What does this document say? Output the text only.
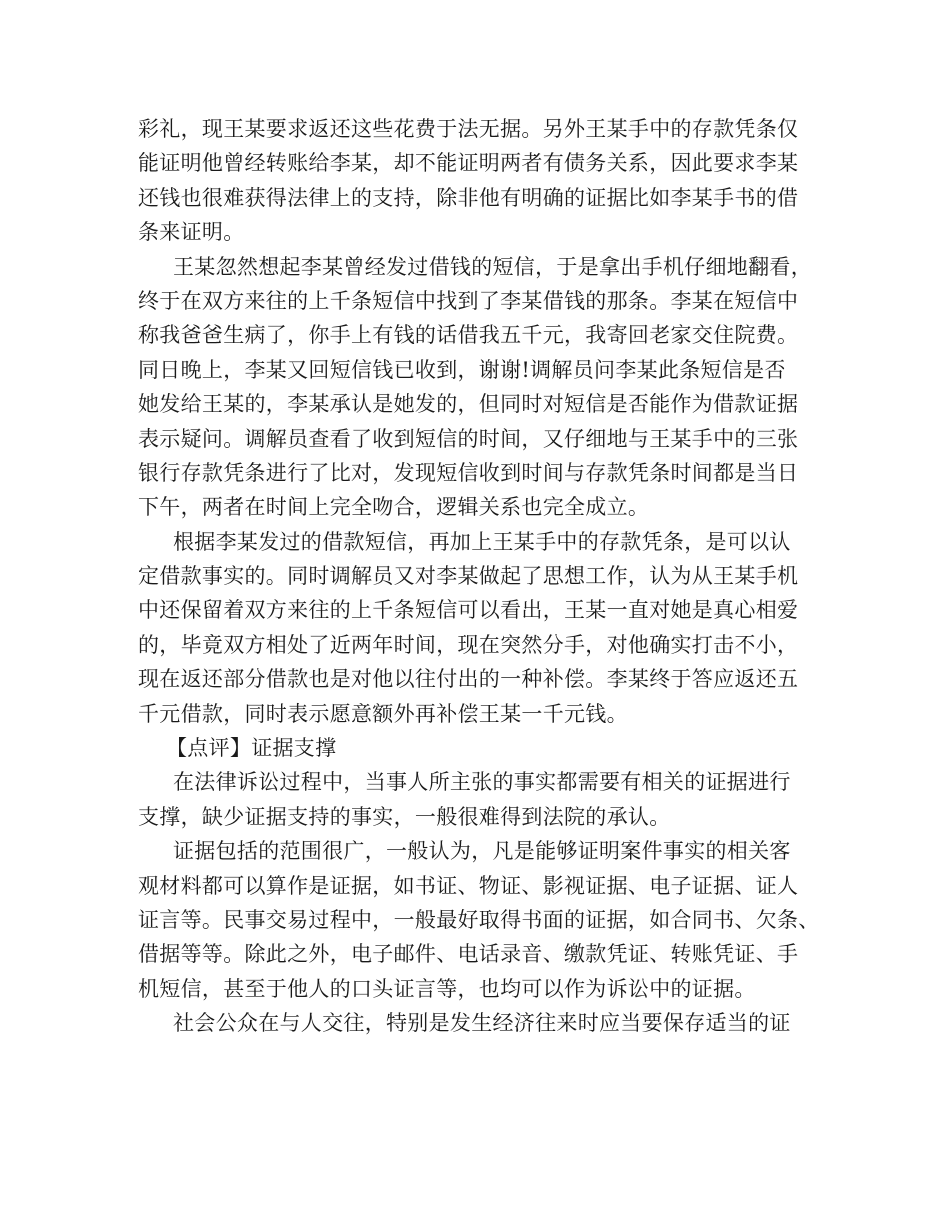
彩礼，现王某要求返还这些花费于法无据。另外王某手中的存款凭条仅
能证明他曾经转账给李某，却不能证明两者有债务关系，因此要求李某
还钱也很难获得法律上的支持，除非他有明确的证据比如李某手书的借
条来证明。
王某忽然想起李某曾经发过借钱的短信，于是拿出手机仔细地翻看，
终于在双方来往的上千条短信中找到了李某借钱的那条。李某在短信中
称我爸爸生病了，你手上有钱的话借我五千元，我寄回老家交住院费。
同日晚上，李某又回短信钱已收到，谢谢!调解员问李某此条短信是否
她发给王某的，李某承认是她发的，但同时对短信是否能作为借款证据
表示疑问。调解员查看了收到短信的时间，又仔细地与王某手中的三张
银行存款凭条进行了比对，发现短信收到时间与存款凭条时间都是当日
下午，两者在时间上完全吻合，逻辑关系也完全成立。
根据李某发过的借款短信，再加上王某手中的存款凭条，是可以认
定借款事实的。同时调解员又对李某做起了思想工作，认为从王某手机
中还保留着双方来往的上千条短信可以看出，王某一直对她是真心相爱
的，毕竟双方相处了近两年时间，现在突然分手，对他确实打击不小，
现在返还部分借款也是对他以往付出的一种补偿。李某终于答应返还五
千元借款，同时表示愿意额外再补偿王某一千元钱。
【点评】证据支撑
在法律诉讼过程中，当事人所主张的事实都需要有相关的证据进行
支撑，缺少证据支持的事实，一般很难得到法院的承认。
证据包括的范围很广，一般认为，凡是能够证明案件事实的相关客
观材料都可以算作是证据，如书证、物证、影视证据、电子证据、证人
证言等。民事交易过程中，一般最好取得书面的证据，如合同书、欠条、
借据等等。除此之外，电子邮件、电话录音、缴款凭证、转账凭证、手
机短信，甚至于他人的口头证言等，也均可以作为诉讼中的证据。
社会公众在与人交往，特别是发生经济往来时应当要保存适当的证
